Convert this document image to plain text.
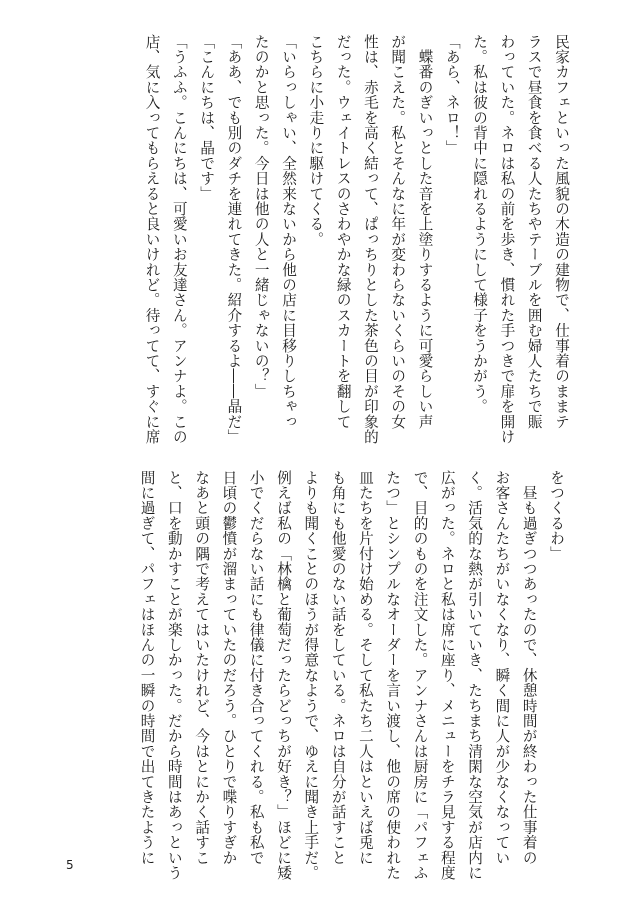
民家カフェといった風貌の木造の建物で、仕事着のままテ
ラスで昼食を食べる人たちやテーブルを囲む婦人たちで賑
わっていた。ネロは私の前を歩き、慣れた手つきで扉を開け
た。私は彼の背中に隠れるようにして様子をうかがう。
「あら、ネロ！」
　蝶番のぎいっとした音を上塗りするように可愛らしい声
が聞こえた。私とそんなに年が変わらないくらいのその女
性は、赤毛を高く結って、ぱっちりとした茶色の目が印象的
だった。ウェイトレスのさわやかな緑のスカートを翻して
こちらに小走りに駆けてくる。
「いらっしゃい、全然来ないから他の店に目移りしちゃっ
たのかと思った。今日は他の人と一緒じゃないの？」
「ああ、でも別のダチを連れてきた。紹介するよ――晶だ」
「こんにちは、晶です」
「うふふ。こんにちは、可愛いお友達さん。アンナよ。この
店、気に入ってもらえると良いけれど。待ってて、すぐに席
をつくるわ」
　昼も過ぎつつあったので、休憩時間が終わった仕事着の
お客さんたちがいなくなり、瞬く間に人が少なくなってい
く。活気的な熱が引いていき、たちまち清閑な空気が店内に
広がった。ネロと私は席に座り、メニューをチラ見する程度
で、目的のものを注文した。アンナさんは厨房に「パフェふ
たつ」とシンプルなオーダーを言い渡し、他の席の使われた
皿たちを片付け始める。そして私たち二人はといえば兎に
も角にも他愛のない話をしている。ネロは自分が話すこと
よりも聞くことのほうが得意なようで、ゆえに聞き上手だ。
例えば私の「林檎と葡萄だったらどっちが好き？」ほどに矮
小でくだらない話にも律儀に付き合ってくれる。私も私で
日頃の鬱憤が溜まっていたのだろう。ひとりで喋りすぎか
なあと頭の隅で考えてはいたけれど、今はとにかく話すこ
と、口を動かすことが楽しかった。だから時間はあっという
間に過ぎて、パフェはほんの一瞬の時間で出てきたように
5
